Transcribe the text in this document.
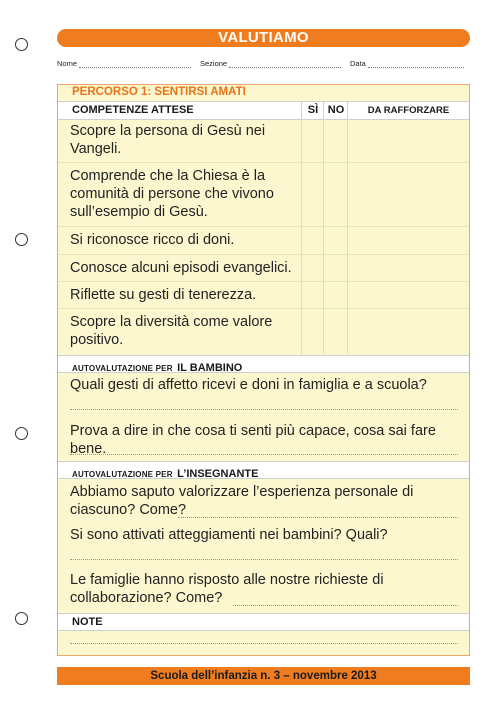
VALUTIAMO
Nome	Sezione	Data
PERCORSO 1: SENTIRSI AMATI
COMPETENZE ATTESE	SÌ NO	DA RAFFORZARE
Scopre la persona di Gesù nei Vangeli.
Comprende che la Chiesa è la comunità di persone che vivono sull’esempio di Gesù.
Si riconosce ricco di doni.
Conosce alcuni episodi evangelici.
Riflette su gesti di tenerezza.
Scopre la diversità come valore positivo.
AUTOVALUTAZIONE PER IL BAMBINO
Quali gesti di affetto ricevi e doni in famiglia e a scuola?
Prova a dire in che cosa ti senti più capace, cosa sai fare bene.
AUTOVALUTAZIONE PER L’INSEGNANTE
Abbiamo saputo valorizzare l’esperienza personale di ciascuno? Come?
Si sono attivati atteggiamenti nei bambini? Quali?
Le famiglie hanno risposto alle nostre richieste di collaborazione? Come?
NOTE
Scuola dell’infanzia n. 3 – novembre 2013
